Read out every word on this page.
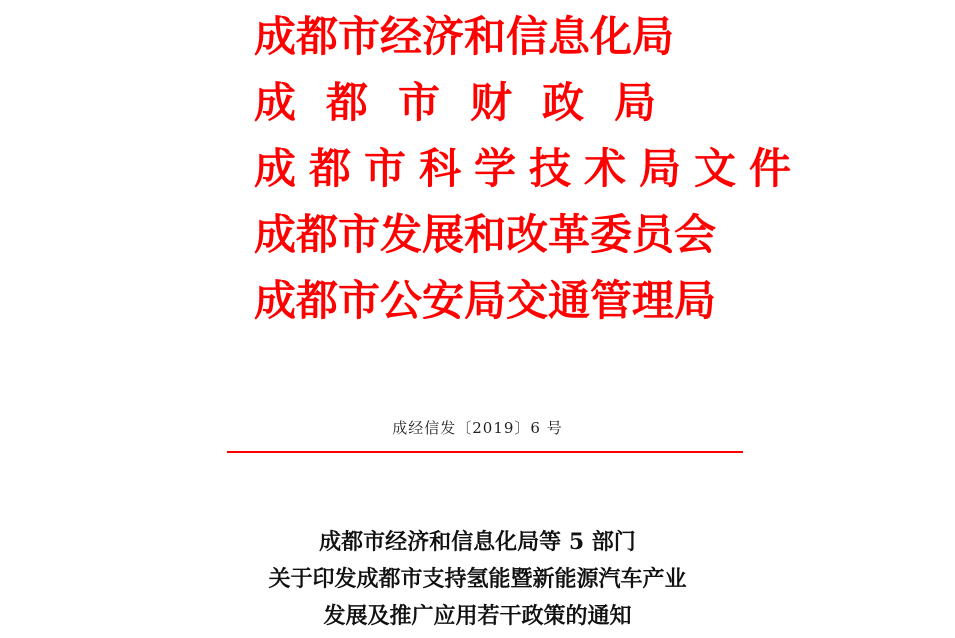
成都市经济和信息化局
成都市财政局
成都市科学技术局文件
成都市发展和改革委员会
成都市公安局交通管理局
成经信发〔2019〕6 号
成都市经济和信息化局等 5 部门
关于印发成都市支持氢能暨新能源汽车产业
发展及推广应用若干政策的通知
